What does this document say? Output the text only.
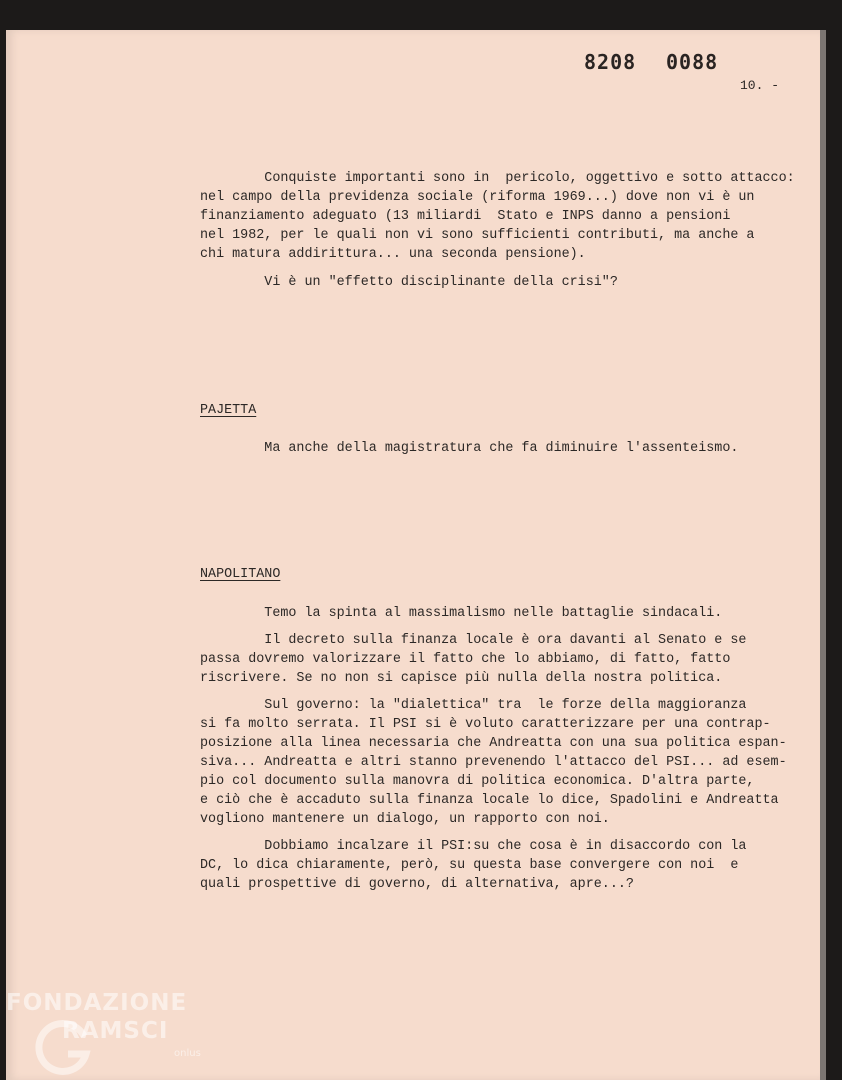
8208 0088
10. -
Conquiste importanti sono in  pericolo, oggettivo e sotto attacco:
nel campo della previdenza sociale (riforma 1969...) dove non vi è un
finanziamento adeguato (13 miliardi  Stato e INPS danno a pensioni
nel 1982, per le quali non vi sono sufficienti contributi, ma anche a
chi matura addirittura... una seconda pensione).
Vi è un "effetto disciplinante della crisi"?
PAJETTA
Ma anche della magistratura che fa diminuire l'assenteismo.
NAPOLITANO
Temo la spinta al massimalismo nelle battaglie sindacali.
Il decreto sulla finanza locale è ora davanti al Senato e se
passa dovremo valorizzare il fatto che lo abbiamo, di fatto, fatto
riscrivere. Se no non si capisce più nulla della nostra politica.
Sul governo: la "dialettica" tra  le forze della maggioranza
si fa molto serrata. Il PSI si è voluto caratterizzare per una contrap-
posizione alla linea necessaria che Andreatta con una sua politica espan-
siva... Andreatta e altri stanno prevenendo l'attacco del PSI... ad esem-
pio col documento sulla manovra di politica economica. D'altra parte,
e ciò che è accaduto sulla finanza locale lo dice, Spadolini e Andreatta
vogliono mantenere un dialogo, un rapporto con noi.
Dobbiamo incalzare il PSI:su che cosa è in disaccordo con la
DC, lo dica chiaramente, però, su questa base convergere con noi  e
quali prospettive di governo, di alternativa, apre...?
FONDAZIONE
RAMSCI
onlus
